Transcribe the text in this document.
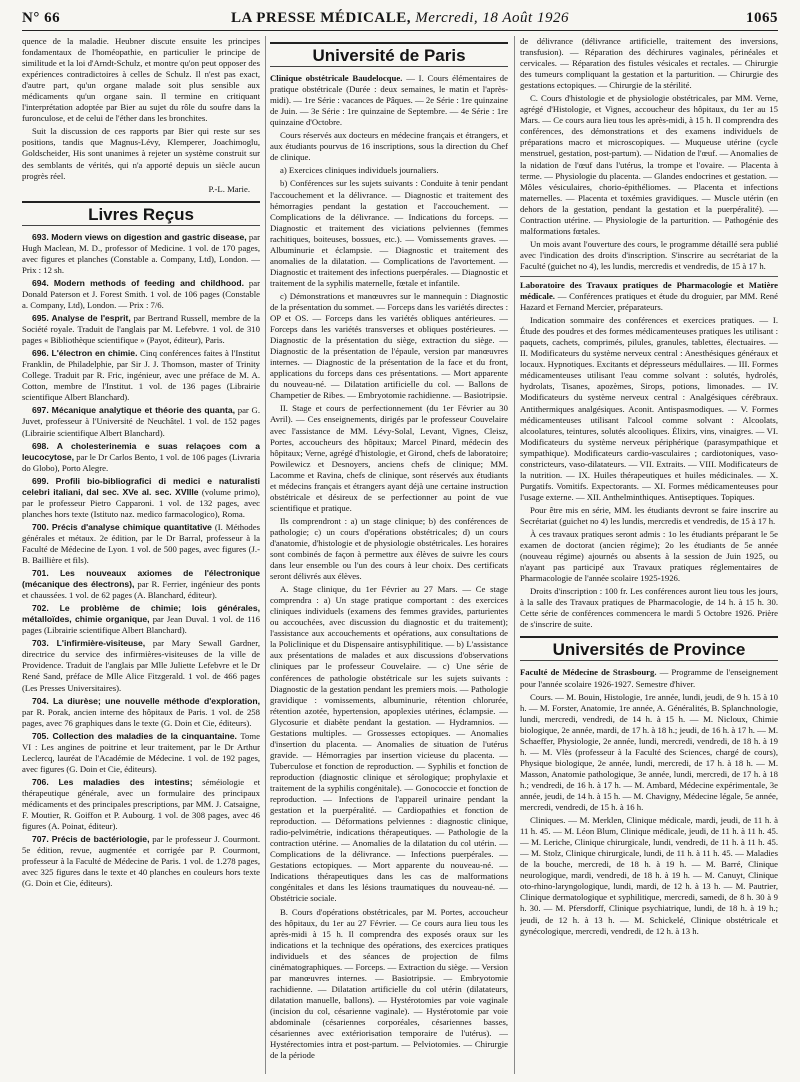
N° 66	LA PRESSE MÉDICALE, Mercredi, 18 Août 1926	1065

quence de la maladie. Heubner discute ensuite les principes fondamentaux de l'homéopathie, en particulier le principe de similitude et la loi d'Arndt-Schulz, et montre qu'on peut opposer des expériences contradictoires à celles de Schulz. Il n'est pas exact, d'autre part, qu'un organe malade soit plus sensible aux médicaments qu'un organe sain. Il termine en critiquant l'interprétation adoptée par Bier au sujet du rôle du soufre dans la furonculose, et de celui de l'éther dans les bronchites.

Suit la discussion de ces rapports par Bier qui reste sur ses positions, tandis que Magnus-Lévy, Klemperer, Joachimoglu, Goldscheider, His sont unanimes à rejeter un système construit sur des semblants de vérités, qui n'a apporté depuis un siècle aucun progrès réel.

P.-L. Marie.
Livres Reçus

693. Modern views on digestion and gastric disease, par Hugh Maclean, M. D., professor of Medicine. 1 vol. de 170 pages, avec figures et planches (Constable a. Company, Ltd), London. — Prix : 12 sh.

694. Modern methods of feeding and childhood. par Donald Paterson et J. Forest Smith. 1 vol. de 106 pages (Constable a. Company, Ltd), London. — Prix : 7/6.

695. Analyse de l'esprit, par Bertrand Russell, membre de la Société royale. Traduit de l'anglais par M. Lefebvre. 1 vol. de 310 pages « Bibliothèque scientifique » (Payot, éditeur), Paris.

696. L'électron en chimie. Cinq conférences faites à l'Institut Franklin, de Philadelphie, par Sir J. J. Thomson, master of Trinity College. Traduit par R. Fric, ingénieur, avec une préface de M. A. Cotton, membre de l'Institut. 1 vol. de 136 pages (Librairie scientifique Albert Blanchard).

697. Mécanique analytique et théorie des quanta, par G. Juvet, professeur à l'Université de Neuchâtel. 1 vol. de 152 pages (Librairie scientifique Albert Blanchard).

698. A cholesterinemia e suas relaçoes com a leucocytose, par le Dr Carlos Bento, 1 vol. de 106 pages (Livraria do Globo), Porto Alegre.

699. Profili bio-bibliografici di medici e naturalisti celebri italiani, dal sec. XVe al. sec. XVIIIe (volume primo), par le professeur Pietro Capparoni. 1 vol. de 132 pages, avec planches hors texte (Istituto naz. medico farmacologico), Roma.

700. Précis d'analyse chimique quantitative (I. Méthodes générales et métaux. 2e édition, par le Dr Barral, professeur à la Faculté de Médecine de Lyon. 1 vol. de 500 pages, avec figures (J.-B. Baillière et fils).

701. Les nouveaux axiomes de l'électronique (mécanique des électrons), par R. Ferrier, ingénieur des ponts et chaussées. 1 vol. de 62 pages (A. Blanchard, éditeur).

702. Le problème de chimie; lois générales, métalloïdes, chimie organique, par Jean Duval. 1 vol. de 116 pages (Librairie scientifique Albert Blanchard).

703. L'infirmière-visiteuse, par Mary Sewall Gardner, directrice du service des infirmières-visiteuses de la ville de Providence. Traduit de l'anglais par Mlle Juliette Lefebvre et le Dr René Sand, préface de Mlle Alice Fitzgerald. 1 vol. de 466 pages (Les Presses Universitaires).

704. La diurèse; une nouvelle méthode d'exploration, par R. Porak, ancien interne des hôpitaux de Paris. 1 vol. de 258 pages, avec 76 graphiques dans le texte (G. Doin et Cie, éditeurs).

705. Collection des maladies de la cinquantaine. Tome VI : Les angines de poitrine et leur traitement, par le Dr Arthur Leclercq, lauréat de l'Académie de Médecine. 1 vol. de 192 pages, avec figures (G. Doin et Cie, éditeurs).

706. Les maladies des intestins; séméiologie et thérapeutique générale, avec un formulaire des principaux médicaments et des principales prescriptions, par MM. J. Catsaigne, F. Moutier, R. Goiffon et P. Aubourg. 1 vol. de 308 pages, avec 46 figures (A. Poinat, éditeur).

707. Précis de bactériologie, par le professeur J. Courmont. 5e édition, revue, augmentée et corrigée par P. Courmont, professeur à la Faculté de Médecine de Paris. 1 vol. de 1.278 pages, avec 325 figures dans le texte et 40 planches en couleurs hors texte (G. Doin et Cie, éditeurs).

Université de Paris

Clinique obstétricale Baudelocque. — I. Cours élémentaires de pratique obstétricale (Durée : deux semaines, le matin et l'après-midi). — 1re Série : vacances de Pâques. — 2e Série : 1re quinzaine de Juin. — 3e Série : 1re quinzaine de Septembre. — 4e Série : 1re quinzaine d'Octobre.

Cours réservés aux docteurs en médecine français et étrangers, et aux étudiants pourvus de 16 inscriptions, sous la direction du Chef de clinique.

a) Exercices cliniques individuels journaliers.

b) Conférences sur les sujets suivants : Conduite à tenir pendant l'accouchement et la délivrance. — Diagnostic et traitement des hémorragies pendant la gestation et l'accouchement. — Complications de la délivrance. — Indications du forceps. — Diagnostic et traitement des viciations pelviennes (femmes rachitiques, boiteuses, bossues, etc.). — Vomissements graves. — Albuminurie et éclampsie. — Diagnostic et traitement des anomalies de la dilatation. — Complications de l'avortement. — Diagnostic et traitement des infections puerpérales. — Diagnostic et traitement de la syphilis maternelle, fœtale et infantile.

c) Démonstrations et manœuvres sur le mannequin : Diagnostic de la présentation du sommet. — Forceps dans les variétés directes : OP et OS. — Forceps dans les variétés obliques antérieures. — Forceps dans les variétés transverses et obliques postérieures. — Diagnostic de la présentation du siège, extraction du siège. — Diagnostic de la présentation de l'épaule, version par manœuvres internes. — Diagnostic de la présentation de la face et du front, applications du forceps dans ces présentations. — Mort apparente du nouveau-né. — Dilatation artificielle du col. — Ballons de Champetier de Ribes. — Embryotomie rachidienne. — Basiotripsie.

II. Stage et cours de perfectionnement (du 1er Février au 30 Avril). — Ces enseignements, dirigés par le professeur Couvelaire avec l'assistance de MM. Lévy-Solal, Levant, Vignes, Cleisz, Portes, accoucheurs des hôpitaux; Marcel Pinard, médecin des hôpitaux; Verne, agrégé d'histologie, et Girond, chefs de laboratoire; Powilewicz et Desnoyers, anciens chefs de clinique; MM. Lacomme et Ravina, chefs de clinique, sont réservés aux étudiants et médecins français et étrangers ayant déjà une certaine instruction obstétricale et désireux de se perfectionner au point de vue scientifique et pratique.

Ils comprendront : a) un stage clinique; b) des conférences de pathologie; c) un cours d'opérations obstétricales; d) un cours d'anatomie, d'histologie et de physiologie obstétricales. Les horaires sont combinés de façon à permettre aux élèves de suivre les cours dans leur ensemble ou l'un des cours à leur choix. Des certificats seront délivrés aux élèves.

A. Stage clinique, du 1er Février au 27 Mars. — Ce stage comprendra : a) Un stage pratique comportant : des exercices cliniques individuels (examens des femmes gravides, parturientes ou accouchées, avec discussion du diagnostic et du traitement); l'assistance aux accouchements et opérations, aux consultations de la Policlinique et du Dispensaire antisyphilitique. — b) L'assistance aux présentations de malades et aux discussions d'observations cliniques par le professeur Couvelaire. — c) Une série de conférences de pathologie obstétricale sur les sujets suivants : Diagnostic de la gestation pendant les premiers mois. — Pathologie gravidique : vomissements, albuminurie, rétention chlorurée, rétention azotée, hypertension, apoplexies utérines, éclampsie. — Glycosurie et diabète pendant la gestation. — Hydramnios. — Gestations multiples. — Grossesses ectopiques. — Anomalies d'insertion du placenta. — Anomalies de situation de l'utérus gravide. — Hémorragies par insertion vicieuse du placenta. — Tuberculose et fonction de reproduction. — Syphilis et fonction de reproduction (diagnostic clinique et sérologique; prophylaxie et traitement de la syphilis congénitale). — Gonococcie et fonction de reproduction. — Infections de l'appareil urinaire pendant la gestation et la puerpéralité. — Cardiopathies et fonction de reproduction. — Déformations pelviennes : diagnostic clinique, radio-pelvimétrie, indications thérapeutiques. — Pathologie de la contraction utérine. — Anomalies de la dilatation du col utérin. — Complications de la délivrance. — Infections puerpérales. — Gestations ectopiques. — Mort apparente du nouveau-né. — Indications thérapeutiques dans les cas de malformations congénitales et dans les lésions traumatiques du nouveau-né. — Obstétricie sociale.

B. Cours d'opérations obstétricales, par M. Portes, accoucheur des hôpitaux, du 1er au 27 Février. — Ce cours aura lieu tous les après-midi à 15 h. Il comprendra des exposés oraux sur les indications et la technique des opérations, des exercices pratiques individuels et des séances de projection de films cinématographiques. — Forceps. — Extraction du siège. — Version par manœuvres internes. — Basiotripsie. — Embryotomie rachidienne. — Dilatation artificielle du col utérin (dilatateurs, dilatation manuelle, ballons). — Hystérotomies par voie vaginale (incision du col, césarienne vaginale). — Hystérotomie par voie abdominale (césariennes corporéales, césariennes basses, césariennes avec extériorisation temporaire de l'utérus). — Hystérectomies intra et post-partum. — Pelviotomies. — Chirurgie de la période

de délivrance (délivrance artificielle, traitement des inversions, transfusion). — Réparation des déchirures vaginales, périnéales et cervicales. — Réparation des fistules vésicales et rectales. — Chirurgie des tumeurs compliquant la gestation et la parturition. — Chirurgie des gestations ectopiques. — Chirurgie de la stérilité.

C. Cours d'histologie et de physiologie obstétricales, par MM. Verne, agrégé d'Histologie, et Vignes, accoucheur des hôpitaux, du 1er au 15 Mars. — Ce cours aura lieu tous les après-midi, à 15 h. Il comprendra des conférences, des démonstrations et des examens individuels de préparations macro et microscopiques. — Muqueuse utérine (cycle menstruel, gestation, post-partum). — Nidation de l'œuf. — Anomalies de la nidation de l'œuf dans l'utérus, la trompe et l'ovaire. — Placenta à terme. — Physiologie du placenta. — Glandes endocrines et gestation. — Môles vésiculaires, chorio-épithéliomes. — Placenta et infections maternelles. — Placenta et toxémies gravidiques. — Muscle utérin (en dehors de la gestation, pendant la gestation et la puerpéralité). — Contraction utérine. — Physiologie de la parturition. — Pathogénie des malformations fœtales.

Un mois avant l'ouverture des cours, le programme détaillé sera publié avec l'indication des droits d'inscription. S'inscrire au secrétariat de la Faculté (guichet no 4), les lundis, mercredis et vendredis, de 15 à 17 h.

Laboratoire des Travaux pratiques de Pharmacologie et Matière médicale. — Conférences pratiques et étude du droguier, par MM. René Hazard et Fernand Mercier, préparateurs.

Indication sommaire des conférences et exercices pratiques. — I. Étude des poudres et des formes médicamenteuses pratiques les utilisant : paquets, cachets, comprimés, pilules, granules, tablettes, électuaires. — II. Modificateurs du système nerveux central : Anesthésiques généraux et locaux. Hypnotiques. Excitants et dépresseurs médullaires. — III. Formes médicamenteuses utilisant l'eau comme solvant : solutés, hydrolés, hydrolats, Tisanes, apozèmes, Sirops, potions, limonades. — IV. Modificateurs du système nerveux central : Analgésiques cérébraux. Antithermiques analgésiques. Aconit. Antispasmodiques. — V. Formes médicamenteuses utilisant l'alcool comme solvant : Alcoolats, alcoolatures, teintures, solutés alcooliques. Élixirs, vins, vinaigres. — VI. Modificateurs du système nerveux périphérique (parasympathique et sympathique). Modificateurs cardio-vasculaires ; cardiotoniques, vaso-constricteurs, vaso-dilatateurs. — VII. Extraits. — VIII. Modificateurs de la nutrition. — IX. Huiles thérapeutiques et huiles médicinales. — X. Purgatifs. Vomitifs. Expectorants. — XI. Formes médicamenteuses pour l'usage externe. — XII. Anthelminthiques. Antiseptiques. Topiques.

Pour être mis en série, MM. les étudiants devront se faire inscrire au Secrétariat (guichet no 4) les lundis, mercredis et vendredis, de 15 à 17 h.

À ces travaux pratiques seront admis : 1o les étudiants préparant le 5e examen de doctorat (ancien régime); 2o les étudiants de 5e année (nouveau régime) ajournés ou absents à la session de Juin 1925, ou n'ayant pas participé aux Travaux pratiques réglementaires de Pharmacologie de l'année scolaire 1925-1926.

Droits d'inscription : 100 fr. Les conférences auront lieu tous les jours, à la salle des Travaux pratiques de Pharmacologie, de 14 h. à 15 h. 30. Cette série de conférences commencera le mardi 5 Octobre 1926. Prière de s'inscrire de suite.

Universités de Province

Faculté de Médecine de Strasbourg. — Programme de l'enseignement pour l'année scolaire 1926-1927. Semestre d'hiver.

Cours. — M. Bouin, Histologie, 1re année, lundi, jeudi, de 9 h. 15 à 10 h. — M. Forster, Anatomie, 1re année, A. Généralités, B. Splanchnologie, lundi, mercredi, vendredi, de 14 h. à 15 h. — M. Nicloux, Chimie biologique, 2e année, mardi, de 17 h. à 18 h.; jeudi, de 16 h. à 17 h. — M. Schaeffer, Physiologie, 2e année, lundi, mercredi, vendredi, de 18 h. à 19 h. — M. Vlès (professeur à la Faculté des Sciences, chargé de cours), Physique biologique, 2e année, lundi, mercredi, de 17 h. à 18 h. — M. Masson, Anatomie pathologique, 3e année, lundi, mercredi, de 17 h. à 18 h.; vendredi, de 16 h. à 17 h. — M. Ambard, Médecine expérimentale, 3e année, jeudi, de 14 h. à 15 h. — M. Chavigny, Médecine légale, 5e année, mercredi, vendredi, de 15 h. à 16 h.

Cliniques. — M. Merklen, Clinique médicale, mardi, jeudi, de 11 h. à 11 h. 45. — M. Léon Blum, Clinique médicale, jeudi, de 11 h. à 11 h. 45. — M. Leriche, Clinique chirurgicale, lundi, vendredi, de 11 h. à 11 h. 45. — M. Stolz, Clinique chirurgicale, lundi, de 11 h. à 11 h. 45. — Maladies de la bouche, mercredi, de 18 h. à 19 h. — M. Barré, Clinique neurologique, mardi, vendredi, de 18 h. à 19 h. — M. Canuyt, Clinique oto-rhino-laryngologique, lundi, mardi, de 12 h. à 13 h. — M. Pautrier, Clinique dermatologique et syphilitique, mercredi, samedi, de 8 h. 30 à 9 h. 30. — M. Pfersdorff, Clinique psychiatrique, lundi, de 18 h. à 19 h.; jeudi, de 12 h. à 13 h. — M. Schickelé, Clinique obstétricale et gynécologique, mercredi, vendredi, de 12 h. à 13 h.
